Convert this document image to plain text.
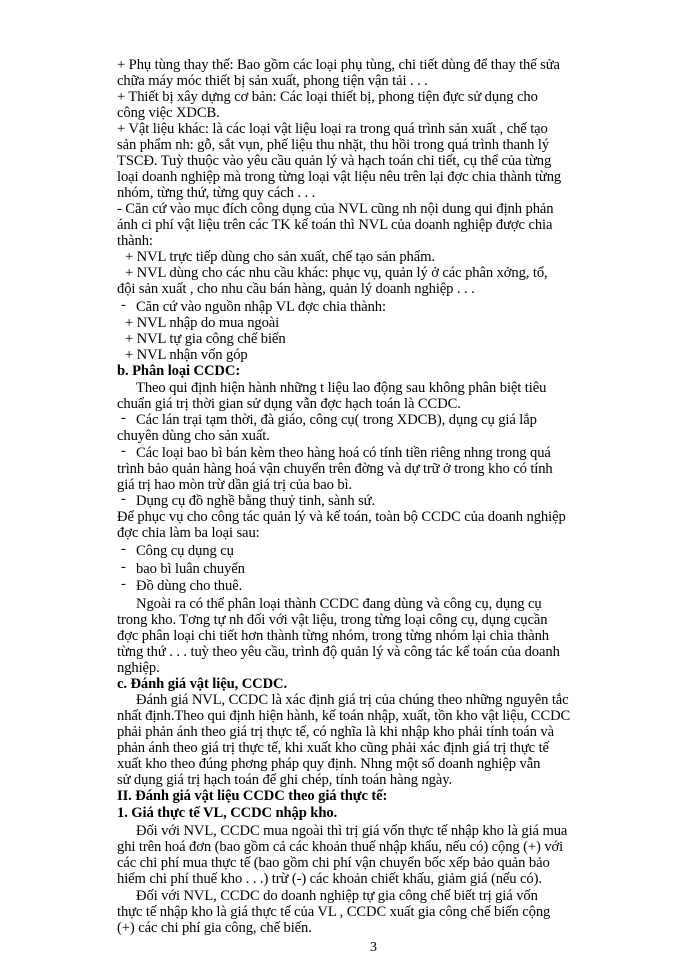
+ Phụ tùng thay thế: Bao gồm các loại phụ tùng, chi tiết dùng để thay thế sửa
chữa máy móc thiết bị sản xuất, phong tiện vận tải . . .
+ Thiết bị xây dựng cơ bản: Các loại thiết bị, phong tiện đực sử dụng cho
công việc XDCB.
+ Vật liệu khác: là các loại vật liệu loại ra trong quá trình sản xuất , chế tạo
sản phẩm nh: gỗ, sắt vụn, phế liệu thu nhặt, thu hồi trong quá trình thanh lý
TSCĐ. Tuỳ thuộc vào yêu cầu quản lý và hạch toán chi tiết, cụ thể của từng
loại doanh nghiệp mà trong từng loại vật liệu nêu trên lại đợc chia thành từng
nhóm, từng thứ, từng quy cách . . .
- Căn cứ vào mục đích công dụng của NVL cũng nh nội dung qui định phản
ánh ci phí vật liệu trên các TK kế toán thì NVL của doanh nghiệp được chia
thành:
+ NVL trực tiếp dùng cho sản xuất, chế tạo sản phẩm.
+ NVL dùng cho các nhu cầu khác: phục vụ, quản lý ở các phân xởng, tổ,
đội sản xuất , cho nhu cầu bán hàng, quản lý doanh nghiệp . . .
- Căn cứ vào nguồn nhập VL đợc chia thành:
+ NVL nhập do mua ngoài
+ NVL tự gia công chế biến
+ NVL nhận vốn góp
b. Phân loại CCDC:
Theo qui định hiện hành những t liệu lao động sau không phân biệt tiêu
chuẩn giá trị thời gian sử dụng vẫn đợc hạch toán là CCDC.
- Các lán trại tạm thời, đà giáo, công cụ( trong XDCB), dụng cụ giá lắp
chuyên dùng cho sản xuất.
- Các loại bao bì bán kèm theo hàng hoá có tính tiền riêng nhng trong quá
trình bảo quản hàng hoá vận chuyển trên đờng và dự trữ ở trong kho có tính
giá trị hao mòn trừ dần giá trị của bao bì.
- Dụng cụ đồ nghề bằng thuỷ tinh, sành sứ.
Để phục vụ cho công tác quản lý và kế toán, toàn bộ CCDC của doanh nghiệp
đợc chia làm ba loại sau:
- Công cụ dụng cụ
- bao bì luân chuyển
- Đồ dùng cho thuê.
Ngoài ra có thể phân loại thành CCDC đang dùng và công cụ, dụng cụ
trong kho. Tơng tự nh đối với vật liệu, trong từng loại công cụ, dụng cụcần
đợc phân loại chi tiết hơn thành từng nhóm, trong từng nhóm lại chia thành
từng thứ . . . tuỳ theo yêu cầu, trình độ quản lý và công tác kế toán của doanh
nghiệp.
c. Đánh giá vật liệu, CCDC.
Đánh giá NVL, CCDC là xác định giá trị của chúng theo những nguyên tắc
nhất định.Theo qui định hiện hành, kế toán nhập, xuất, tồn kho vật liệu, CCDC
phải phản ánh theo giá trị thực tế, có nghĩa là khi nhập kho phải tính toán và
phản ánh theo giá trị thực tế, khi xuất kho cũng phải xác định giá trị thực tế
xuất kho theo đúng phơng pháp quy định. Nhng một số doanh nghiệp vẫn
sử dụng giá trị hạch toán để ghi chép, tính toán hàng ngày.
II. Đánh giá vật liệu CCDC theo giá thực tế:
1. Giá thực tế VL, CCDC nhập kho.
Đối với NVL, CCDC mua ngoài thì trị giá vốn thực tế nhập kho là giá mua
ghi trên hoá đơn (bao gồm cả các khoản thuế nhập khẩu, nếu có) cộng (+) với
các chi phí mua thực tế (bao gồm chi phí vận chuyển bốc xếp bảo quản bảo
hiểm chi phí thuế kho . . .) trừ (-) các khoản chiết khấu, giảm giá (nếu có).
Đối với NVL, CCDC do doanh nghiệp tự gia công chế biết trị giá vốn
thực tế nhập kho là giá thực tế của VL , CCDC xuất gia công chế biến cộng
(+) các chi phí gia công, chế biến.
3
